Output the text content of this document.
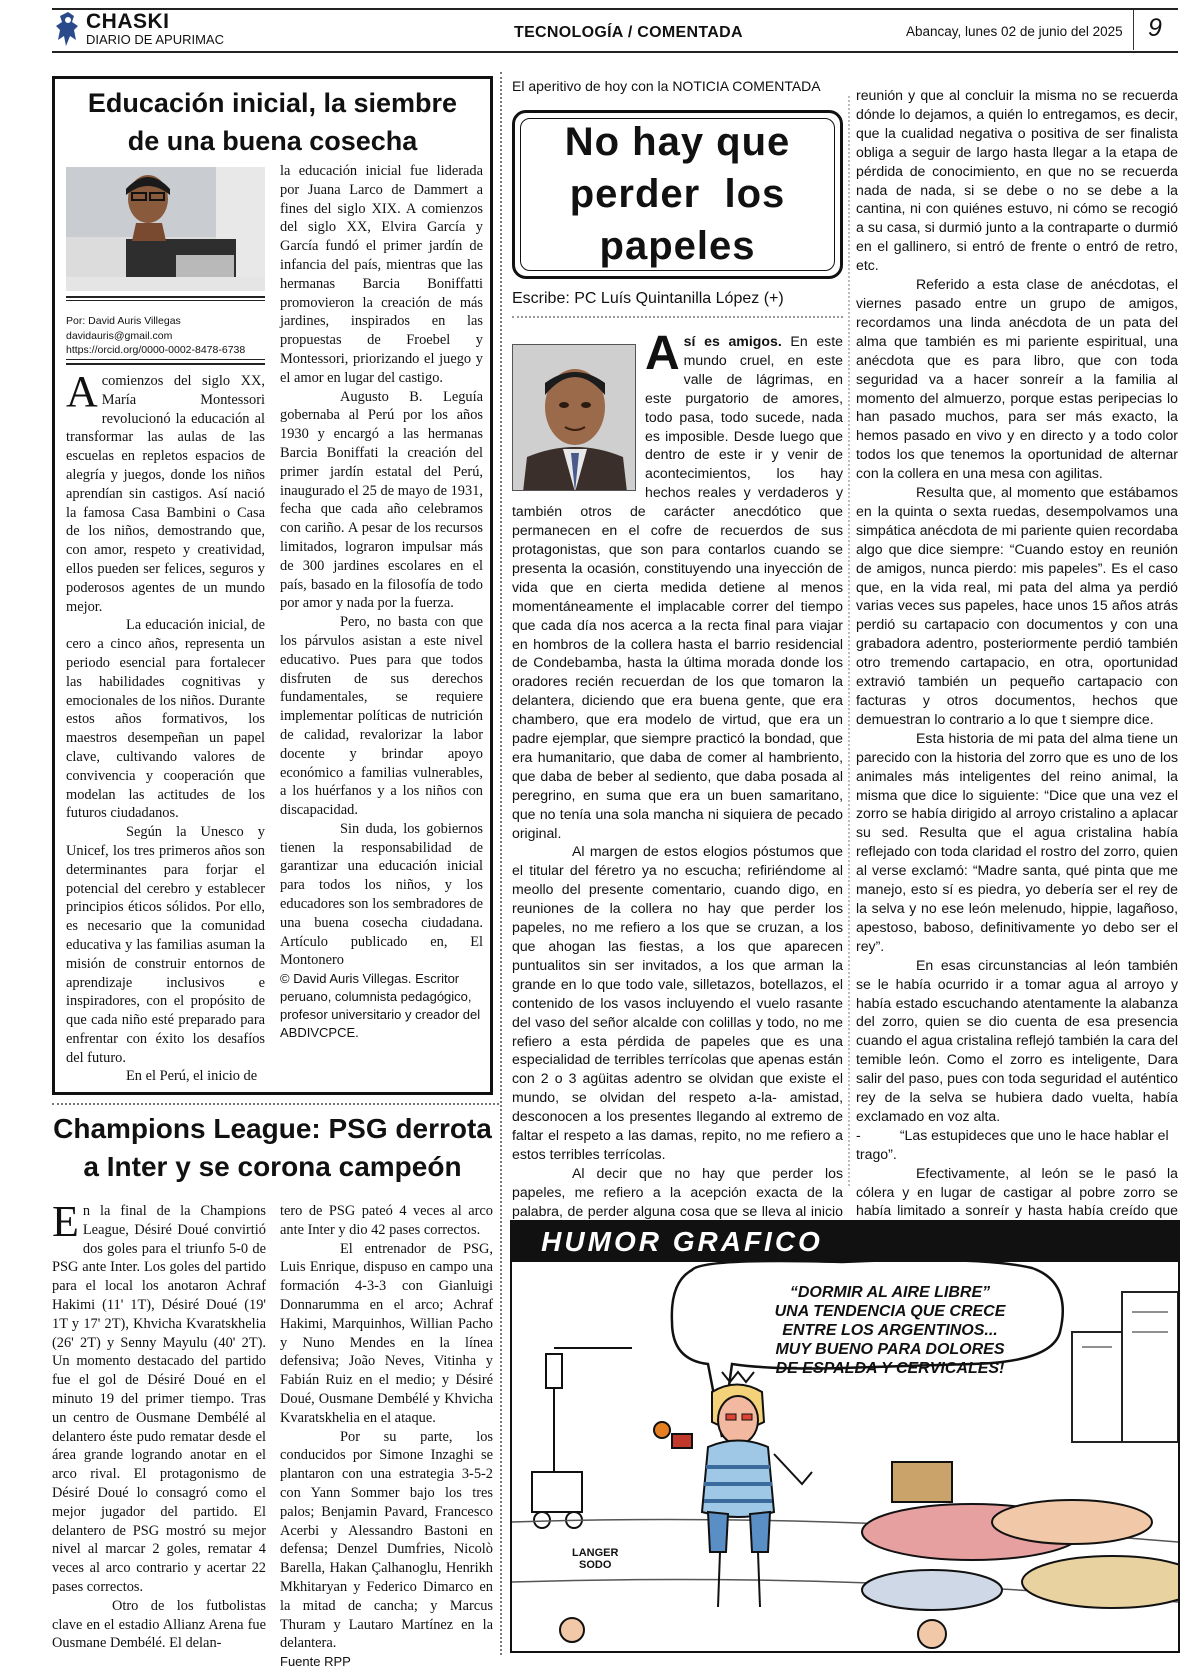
CHASKI
DIARIO DE APURIMAC	TECNOLOGÍA / COMENTADA	Abancay, lunes 02 de junio del 2025 9
Educación inicial, la siembre
de una buena cosecha
Por: David Auris Villegas
davidauris@gmail.com
https://orcid.org/0000-0002-8478-6738
A comienzos del siglo XX, María Montessori revolucionó la educación al transformar las aulas de las escuelas en repletos espacios de alegría y juegos, donde los niños aprendían sin castigos. Así nació la famosa Casa Bambini o Casa de los niños, demostrando que, con amor, respeto y creatividad, ellos pueden ser felices, seguros y poderosos agentes de un mundo mejor.

La educación inicial, de cero a cinco años, representa un periodo esencial para fortalecer las habilidades cognitivas y emocionales de los niños. Durante estos años formativos, los maestros desempeñan un papel clave, cultivando valores de convivencia y cooperación que modelan las actitudes de los futuros ciudadanos.

Según la Unesco y Unicef, los tres primeros años son determinantes para forjar el potencial del cerebro y establecer principios éticos sólidos. Por ello, es necesario que la comunidad educativa y las familias asuman la misión de construir entornos de aprendizaje inclusivos e inspiradores, con el propósito de que cada niño esté preparado para enfrentar con éxito los desafíos del futuro.

En el Perú, el inicio de

la educación inicial fue liderada por Juana Larco de Dammert a fines del siglo XIX. A comienzos del siglo XX, Elvira García y García fundó el primer jardín de infancia del país, mientras que las hermanas Barcia Boniffatti promovieron la creación de más jardines, inspirados en las propuestas de Froebel y Montessori, priorizando el juego y el amor en lugar del castigo.

Augusto B. Leguía gobernaba al Perú por los años 1930 y encargó a las hermanas Barcia Boniffati la creación del primer jardín estatal del Perú, inaugurado el 25 de mayo de 1931, fecha que cada año celebramos con cariño. A pesar de los recursos limitados, lograron impulsar más de 300 jardines escolares en el país, basado en la filosofía de todo por amor y nada por la fuerza.

Pero, no basta con que los párvulos asistan a este nivel educativo. Pues para que todos disfruten de sus derechos fundamentales, se requiere implementar políticas de nutrición de calidad, revalorizar la labor docente y brindar apoyo económico a familias vulnerables, a los huérfanos y a los niños con discapacidad.

Sin duda, los gobiernos tienen la responsabilidad de garantizar una educación inicial para todos los niños, y los educadores son los sembradores de una buena cosecha ciudadana. Artículo publicado en, El Montonero

© David Auris Villegas. Escritor peruano, columnista pedagógico, profesor universitario y creador del ABDIVCPCE.

Champions League: PSG derrota
a Inter y se corona campeón
E n la final de la Champions League, Désiré Doué convirtió dos goles para el triunfo 5-0 de PSG ante Inter. Los goles del partido para el local los anotaron Achraf Hakimi (11' 1T), Désiré Doué (19' 1T y 17' 2T), Khvicha Kvaratskhelia (26' 2T) y Senny Mayulu (40' 2T). Un momento destacado del partido fue el gol de Désiré Doué en el minuto 19 del primer tiempo. Tras un centro de Ousmane Dembélé al delantero éste pudo rematar desde el área grande logrando anotar en el arco rival. El protagonismo de Désiré Doué lo consagró como el mejor jugador del partido. El delantero de PSG mostró su mejor nivel al marcar 2 goles, rematar 4 veces al arco contrario y acertar 22 pases correctos.

Otro de los futbolistas clave en el estadio Allianz Arena fue Ousmane Dembélé. El delan-

tero de PSG pateó 4 veces al arco ante Inter y dio 42 pases correctos.

El entrenador de PSG, Luis Enrique, dispuso en campo una formación 4-3-3 con Gianluigi Donnarumma en el arco; Achraf Hakimi, Marquinhos, Willian Pacho y Nuno Mendes en la línea defensiva; João Neves, Vitinha y Fabián Ruiz en el medio; y Désiré Doué, Ousmane Dembélé y Khvicha Kvaratskhelia en el ataque.

Por su parte, los conducidos por Simone Inzaghi se plantaron con una estrategia 3-5-2 con Yann Sommer bajo los tres palos; Benjamin Pavard, Francesco Acerbi y Alessandro Bastoni en defensa; Denzel Dumfries, Nicolò Barella, Hakan Çalhanoglu, Henrikh Mkhitaryan y Federico Dimarco en la mitad de cancha; y Marcus Thuram y Lautaro Martínez en la delantera.

Fuente RPP

El aperitivo de hoy con la NOTICIA COMENTADA
No hay que
perder  los
papeles
Escribe: PC Luís Quintanilla López (+)
A sí es amigos. En este mundo cruel, en este valle de lágrimas, en este purgatorio de amores, todo pasa, todo sucede, nada es imposible. Desde luego que dentro de este ir y venir de acontecimientos, los hay hechos reales y verdaderos y también otros de carácter anecdótico que permanecen en el cofre de recuerdos de sus protagonistas, que son para contarlos cuando se presenta la ocasión, constituyendo una inyección de vida que en cierta medida detiene al menos momentáneamente el implacable correr del tiempo que cada día nos acerca a la recta final para viajar en hombros de la collera hasta el barrio residencial de Condebamba, hasta la última morada donde los oradores recién recuerdan de los que tomaron la delantera, diciendo que era buena gente, que era chambero, que era modelo de virtud, que era un padre ejemplar, que siempre practicó la bondad, que era humanitario, que daba de comer al hambriento, que daba de beber al sediento, que daba posada al peregrino, en suma que era un buen samaritano, que no tenía una sola mancha ni siquiera de pecado original.

Al margen de estos elogios póstumos que el titular del féretro ya no escucha; refiriéndome al meollo del presente comentario, cuando digo, en reuniones de la collera no hay que perder los papeles, no me refiero a los que se cruzan, a los que ahogan las fiestas, a los que aparecen puntualitos sin ser invitados, a los que arman la grande en lo que todo vale, silletazos, botellazos, el contenido de los vasos incluyendo el vuelo rasante del vaso del señor alcalde con colillas y todo, no me refiero a esta pérdida de papeles que es una especialidad de terribles terrícolas que apenas están con 2 o 3 agüitas adentro se olvidan que existe el mundo, se olvidan del respeto a-la- amistad, desconocen a los presentes llegando al extremo de faltar el respeto a las damas, repito, no me refiero a estos terribles terrícolas.

Al decir que no hay que perder los papeles, me refiero a la acepción exacta de la palabra, de perder alguna cosa que se lleva al inicio

reunión y que al concluir la misma no se recuerda dónde lo dejamos, a quién lo entregamos, es decir, que la cualidad negativa o positiva de ser finalista obliga a seguir de largo hasta llegar a la etapa de pérdida de conocimiento, en que no se recuerda nada de nada, si se debe o no se debe a la cantina, ni con quiénes estuvo, ni cómo se recogió a su casa, si durmió junto a la contraparte o durmió en el gallinero, si entró de frente o entró de retro, etc.

Referido a esta clase de anécdotas, el viernes pasado entre un grupo de amigos, recordamos una linda anécdota de un pata del alma que también es mi pariente espiritual, una anécdota que es para libro, que con toda seguridad va a hacer sonreír a la familia al momento del almuerzo, porque estas peripecias lo han pasado muchos, para ser más exacto, la hemos pasado en vivo y en directo y a todo color todos los que tenemos la oportunidad de alternar con la collera en una mesa con agilitas.

Resulta que, al momento que estábamos en la quinta o sexta ruedas, desempolvamos una simpática anécdota de mi pariente quien recordaba algo que dice siempre: “Cuando estoy en reunión de amigos, nunca pierdo: mis papeles”. Es el caso que, en la vida real, mi pata del alma ya perdió varias veces sus papeles, hace unos 15 años atrás perdió su cartapacio con documentos y con una grabadora adentro, posteriormente perdió también otro tremendo cartapacio, en otra, oportunidad extravió también un pequeño cartapacio con facturas y otros documentos, hechos que demuestran lo contrario a lo que t siempre dice.

Esta historia de mi pata del alma tiene un parecido con la historia del zorro que es uno de los animales más inteligentes del reino animal, la misma que dice lo siguiente: “Dice que una vez el zorro se había dirigido al arroyo cristalino a aplacar su sed. Resulta que el agua cristalina había reflejado con toda claridad el rostro del zorro, quien al verse exclamó: “Madre santa, qué pinta que me manejo, esto sí es piedra, yo debería ser el rey de la selva y no ese león melenudo, hippie, lagañoso, apestoso, baboso, definitivamente yo debo ser el rey”.

En esas circunstancias al león también se le había ocurrido ir a tomar agua al arroyo y había estado escuchando atentamente la alabanza del zorro, quien se dio cuenta de esa presencia cuando el agua cristalina reflejó también la cara del temible león. Como el zorro es inteligente, Dara salir del paso, pues con toda seguridad el auténtico rey de la selva se hubiera dado vuelta, había exclamado en voz alta.

-          “Las estupideces que uno le hace hablar el trago”.

Efectivamente, al león se le pasó la cólera y en lugar de castigar al pobre zorro se había limitado a sonreír y hasta había creído que

HUMOR GRAFICO
“DORMIR AL AIRE LIBRE”
UNA TENDENCIA QUE CRECE
ENTRE LOS ARGENTINOS...
MUY BUENO PARA DOLORES
DE ESPALDA Y CERVICALES!
LANGER
SODO
